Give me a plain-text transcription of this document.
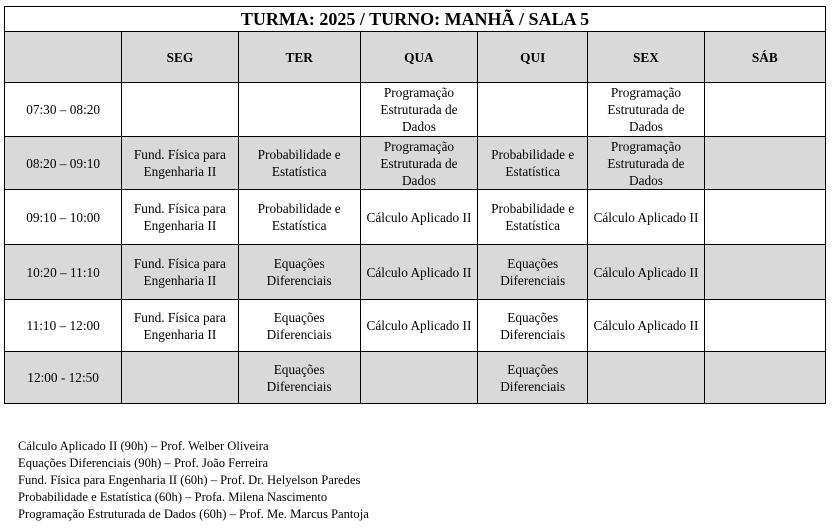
TURMA: 2025 / TURNO: MANHÃ / SALA 5						
	SEG	TER	QUA	QUI	SEX	SÁB
07:30 – 08:20			Programação Estruturada de Dados		Programação Estruturada de Dados	
08:20 – 09:10	Fund. Física para Engenharia II	Probabilidade e Estatística	Programação Estruturada de Dados	Probabilidade e Estatística	Programação Estruturada de Dados	
09:10 – 10:00	Fund. Física para Engenharia II	Probabilidade e Estatística	Cálculo Aplicado II	Probabilidade e Estatística	Cálculo Aplicado II	
10:20 – 11:10	Fund. Física para Engenharia II	Equações Diferenciais	Cálculo Aplicado II	Equações Diferenciais	Cálculo Aplicado II	
11:10 – 12:00	Fund. Física para Engenharia II	Equações Diferenciais	Cálculo Aplicado II	Equações Diferenciais	Cálculo Aplicado II	
12:00 - 12:50		Equações Diferenciais		Equações Diferenciais		
Cálculo Aplicado II (90h) – Prof. Welber Oliveira
Equações Diferenciais (90h) – Prof. João Ferreira
Fund. Física para Engenharia II (60h) – Prof. Dr. Helyelson Paredes
Probabilidade e Estatística (60h) – Profa. Milena Nascimento
Programação Estruturada de Dados (60h) – Prof. Me. Marcus Pantoja
